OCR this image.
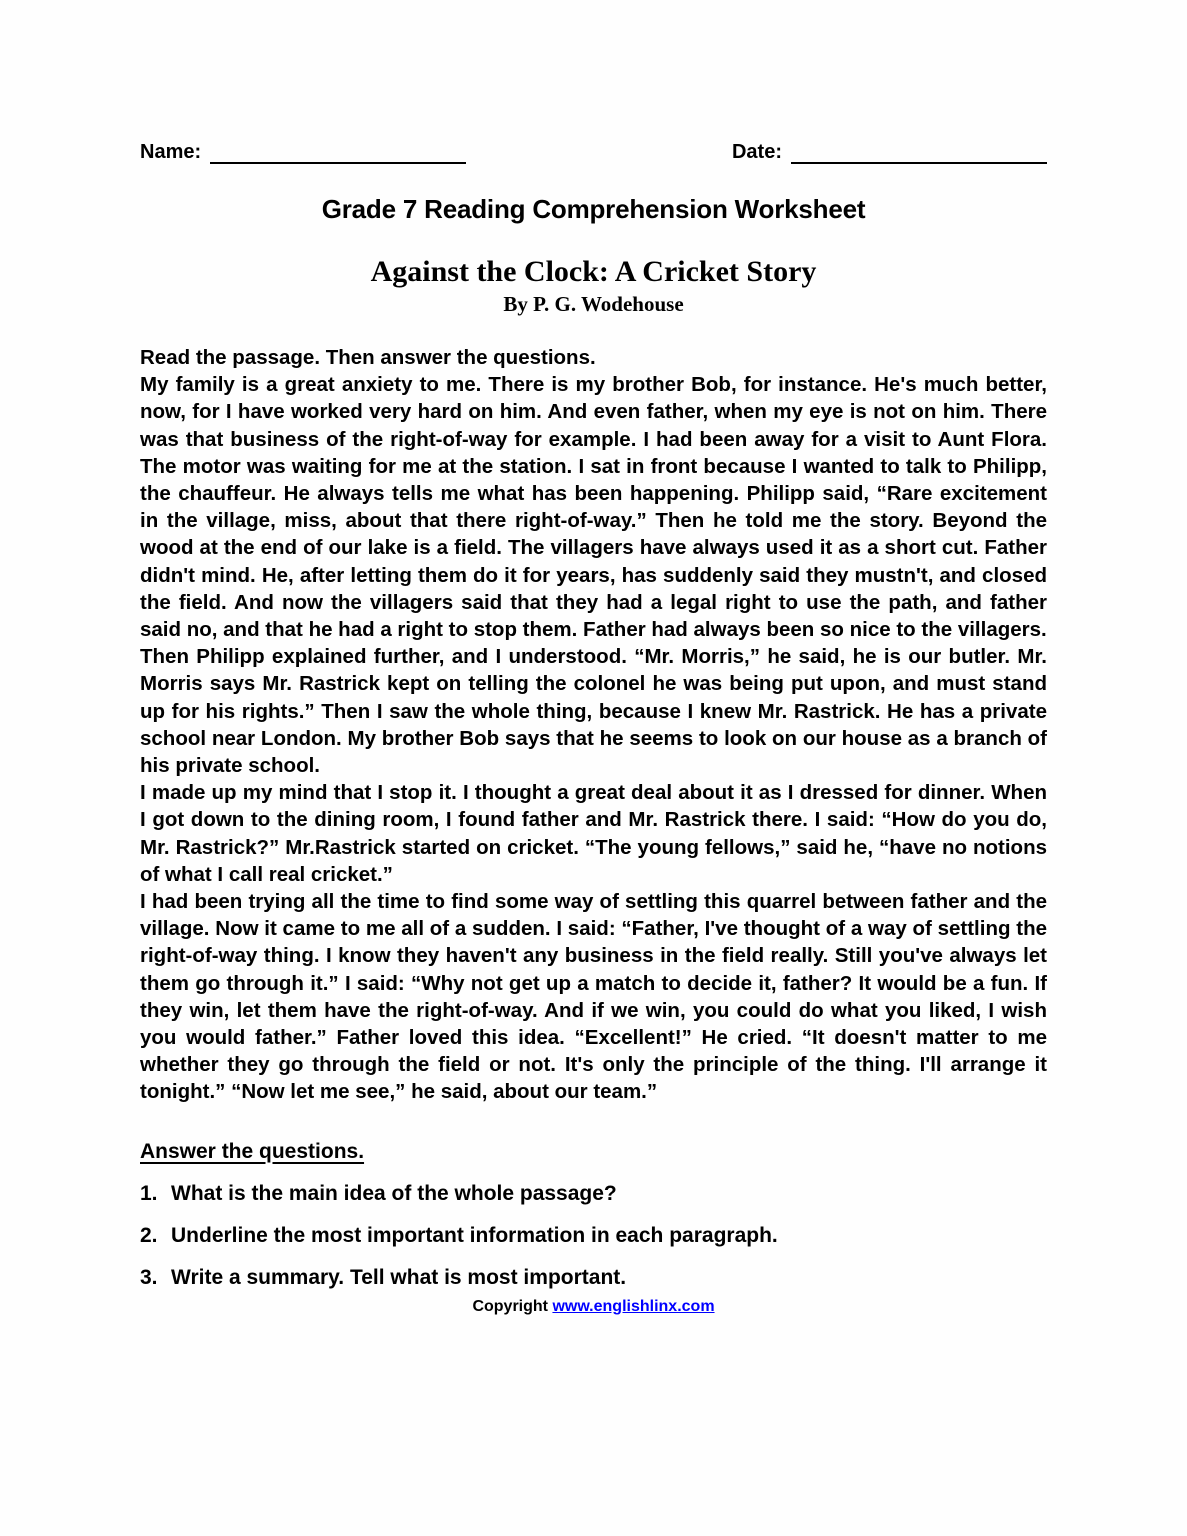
Name:	Date:
Grade 7 Reading Comprehension Worksheet
Against the Clock: A Cricket Story
By P. G. Wodehouse

Read the passage. Then answer the questions.

My family is a great anxiety to me. There is my brother Bob, for instance. He's much better, now, for I have worked very hard on him. And even father, when my eye is not on him. There was that business of the right-of-way for example. I had been away for a visit to Aunt Flora. The motor was waiting for me at the station. I sat in front because I wanted to talk to Philipp, the chauffeur. He always tells me what has been happening. Philipp said, “Rare excitement in the village, miss, about that there right-of-way.” Then he told me the story. Beyond the wood at the end of our lake is a field. The villagers have always used it as a short cut. Father didn't mind. He, after letting them do it for years, has suddenly said they mustn't, and closed the field. And now the villagers said that they had a legal right to use the path, and father said no, and that he had a right to stop them. Father had always been so nice to the villagers.

Then Philipp explained further, and I understood. “Mr. Morris,” he said, he is our butler. Mr. Morris says Mr. Rastrick kept on telling the colonel he was being put upon, and must stand up for his rights.” Then I saw the whole thing, because I knew Mr. Rastrick. He has a private school near London. My brother Bob says that he seems to look on our house as a branch of his private school.

I made up my mind that I stop it. I thought a great deal about it as I dressed for dinner. When I got down to the dining room, I found father and Mr. Rastrick there. I said: “How do you do, Mr. Rastrick?” Mr.Rastrick started on cricket. “The young fellows,” said he, “have no notions of what I call real cricket.”

I had been trying all the time to find some way of settling this quarrel between father and the village. Now it came to me all of a sudden. I said: “Father, I've thought of a way of settling the right-of-way thing. I know they haven't any business in the field really. Still you've always let them go through it.” I said: “Why not get up a match to decide it, father? It would be a fun. If they win, let them have the right-of-way. And if we win, you could do what you liked, I wish you would father.” Father loved this idea. “Excellent!” He cried. “It doesn't matter to me whether they go through the field or not. It's only the principle of the thing. I'll arrange it tonight.” “Now let me see,” he said, about our team.”

Answer the questions.
1. What is the main idea of the whole passage?
2. Underline the most important information in each paragraph.
3. Write a summary. Tell what is most important.
Copyright www.englishlinx.com
